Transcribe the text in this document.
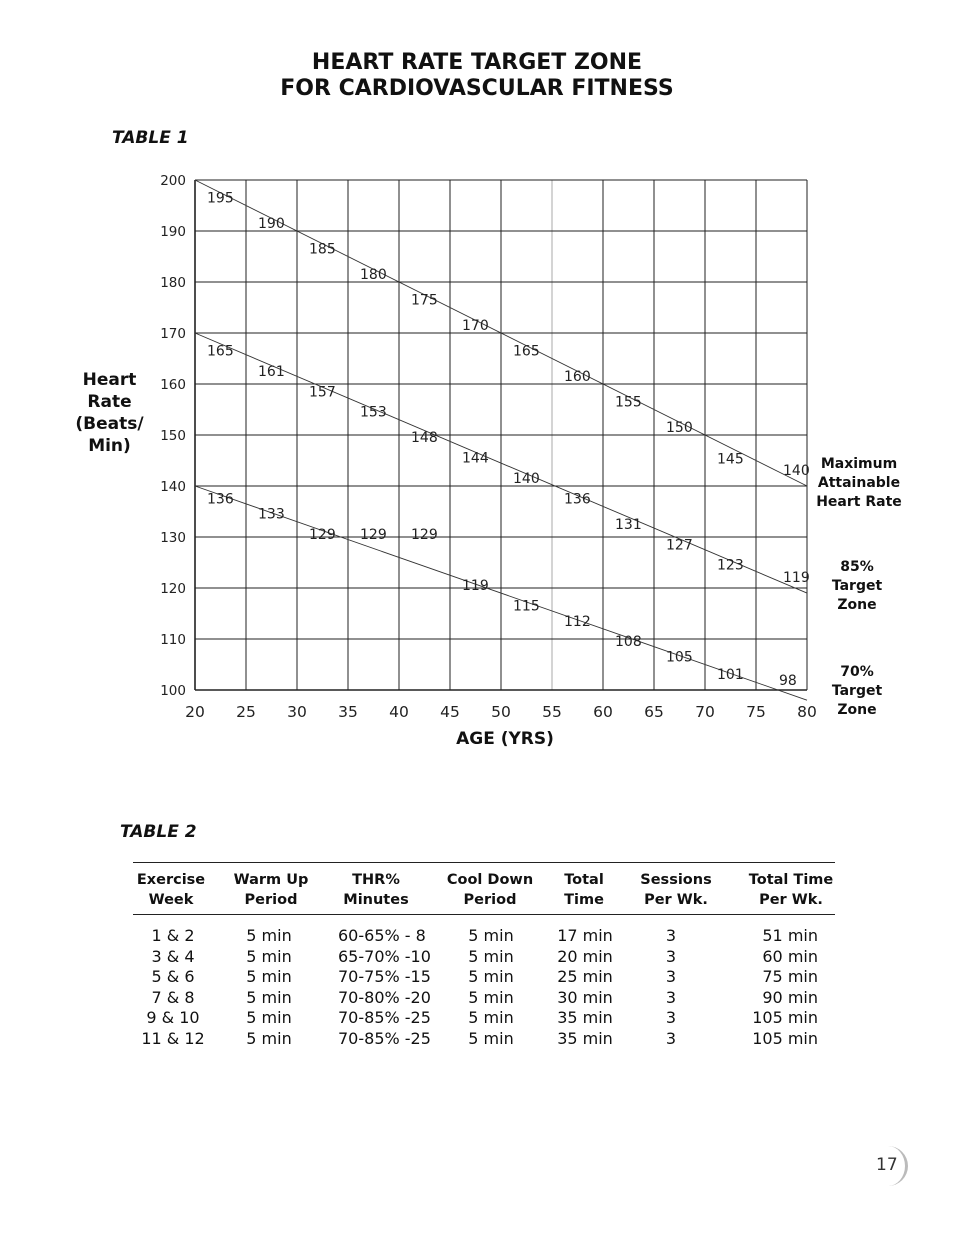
HEART RATE TARGET ZONE
FOR CARDIOVASCULAR FITNESS
TABLE 1
20 25 30 35 40 45 50 55 60 65 70 75 80
200
190
180
170
160
150
140
130
120
110
100
195
190
185
180
175
170
165
160
155
150
145
140
165
161
157
153
148
144
140
136
131
127
123
119
136
133
129 129 129
119
115
112
108
105
101	98
Heart
Rate
(Beats/
Min)
AGE (YRS)
Maximum
Attainable
Heart Rate
85%
Target
Zone
70%
Target
Zone
TABLE 2
Exercise
Week
Warm Up
Period
THR%
Minutes
Cool Down
Period
Total
Time
Sessions
Per Wk.
Total Time
Per Wk.
1 & 2	5 min	60-65% - 8	5 min	17 min	3	51 min
3 & 4	5 min	65-70% -10	5 min	20 min	3	60 min
5 & 6	5 min	70-75% -15	5 min	25 min	3	75 min
7 & 8	5 min	70-80% -20	5 min	30 min	3	90 min
9 & 10	5 min	70-85% -25	5 min	35 min	3	105 min
11 & 12	5 min	70-85% -25	5 min	35 min	3	105 min
17
